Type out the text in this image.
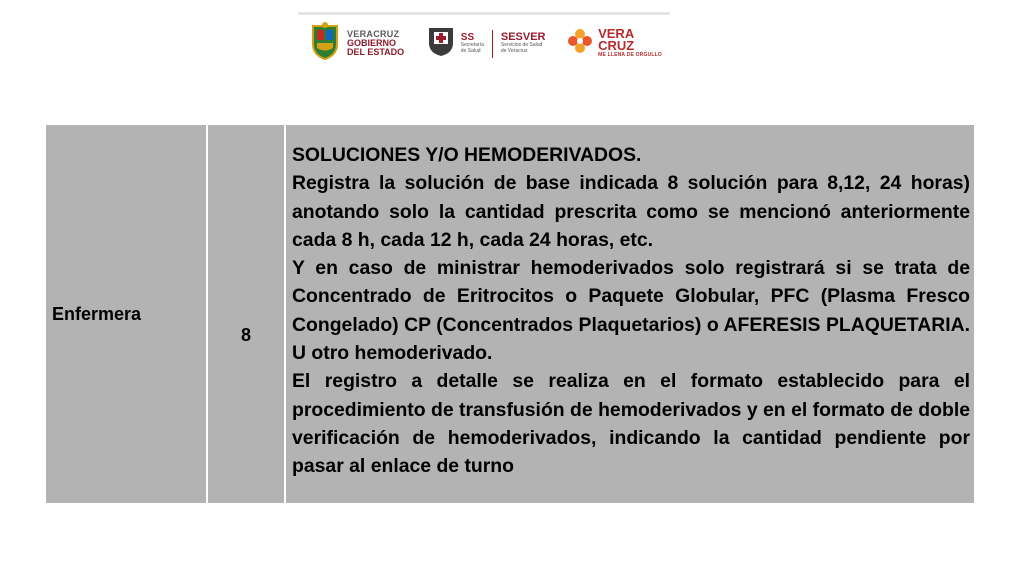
VERACRUZ
GOBIERNO
DEL ESTADO
SS
Secretaría
de Salud
SESVER
Servicios de Salud
de Veracruz
VERA
CRUZ
ME LLENA DE ORGULLO
Enfermera
8

SOLUCIONES Y/O HEMODERIVADOS.

Registra la solución de base indicada 8 solución para 8,12, 24 horas) anotando solo la cantidad prescrita como se mencionó anteriormente cada 8 h, cada 12 h, cada 24 horas, etc.

Y en caso de ministrar hemoderivados solo registrará si se trata de Concentrado de Eritrocitos o Paquete Globular, PFC (Plasma Fresco Congelado) CP (Concentrados Plaquetarios) o AFERESIS PLAQUETARIA. U otro hemoderivado.

El registro a detalle se realiza en el formato establecido para el procedimiento de transfusión de hemoderivados y en el formato de doble verificación de hemoderivados, indicando la cantidad pendiente por pasar al enlace de turno
